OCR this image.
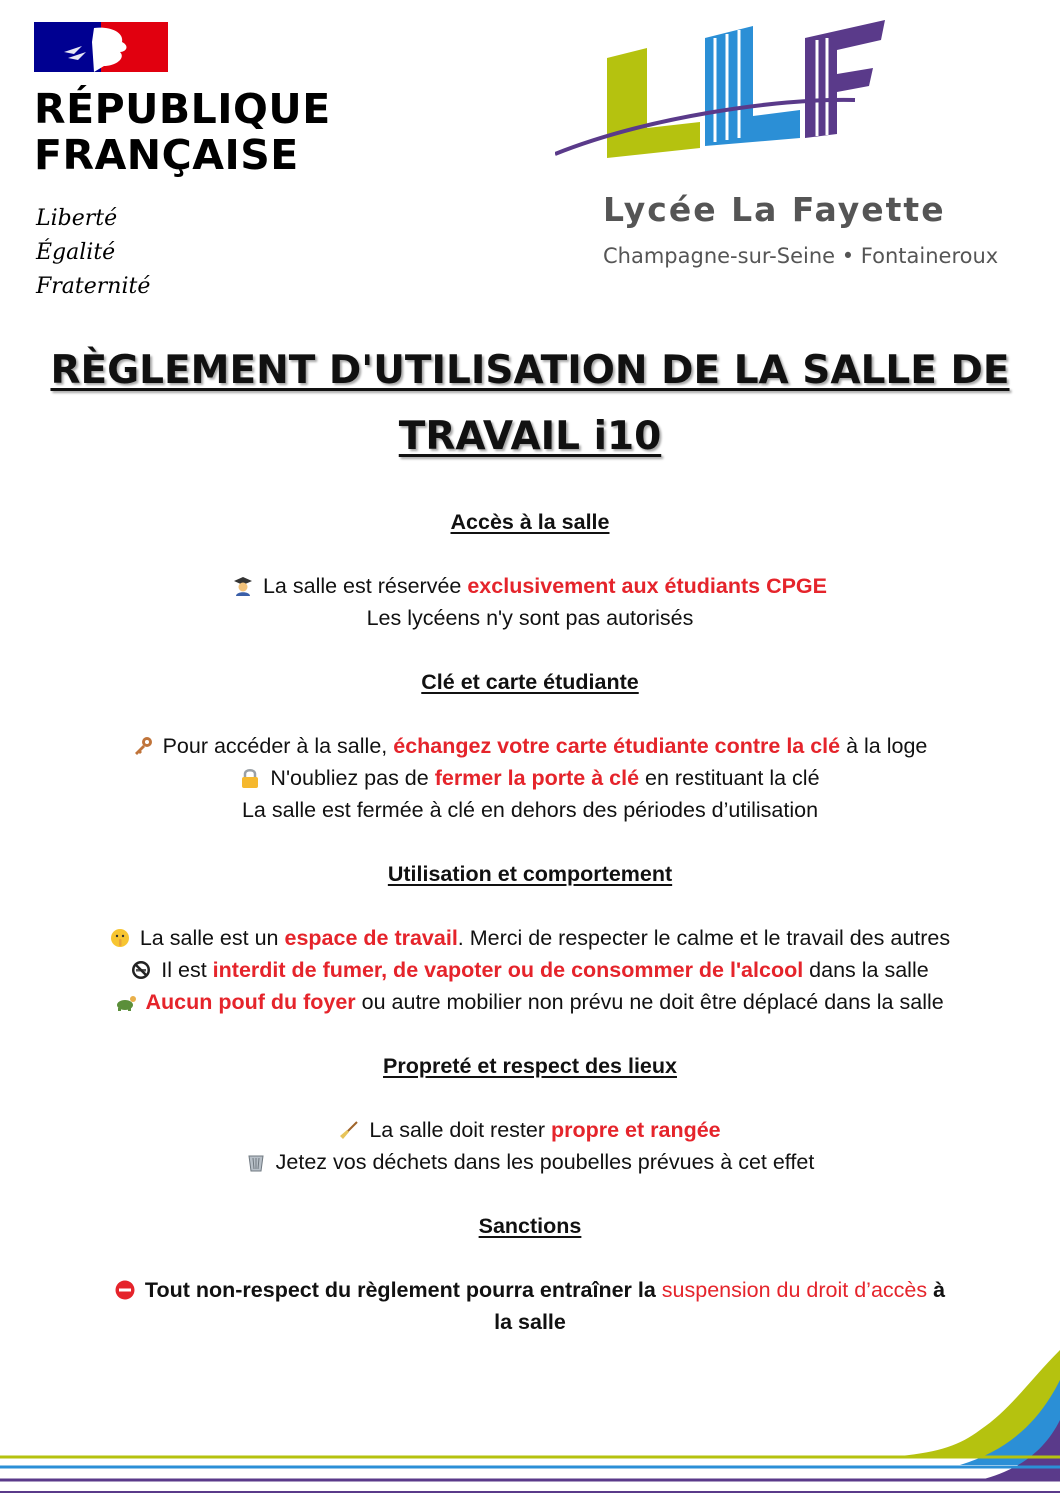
RÉPUBLIQUE
FRANÇAISE
Liberté
Égalité
Fraternité
Lycée La Fayette
Champagne-sur-Seine • Fontaineroux
RÈGLEMENT D'UTILISATION DE LA SALLE DE
TRAVAIL i10
Accès à la salle
La salle est réservée exclusivement aux étudiants CPGE
Les lycéens n'y sont pas autorisés
Clé et carte étudiante
Pour accéder à la salle, échangez votre carte étudiante contre la clé à la loge
N'oubliez pas de fermer la porte à clé en restituant la clé
La salle est fermée à clé en dehors des périodes d’utilisation
Utilisation et comportement
La salle est un espace de travail. Merci de respecter le calme et le travail des autres
Il est interdit de fumer, de vapoter ou de consommer de l'alcool dans la salle
Aucun pouf du foyer ou autre mobilier non prévu ne doit être déplacé dans la salle
Propreté et respect des lieux
La salle doit rester propre et rangée
Jetez vos déchets dans les poubelles prévues à cet effet
Sanctions
Tout non-respect du règlement pourra entraîner la suspension du droit d’accès à
la salle
